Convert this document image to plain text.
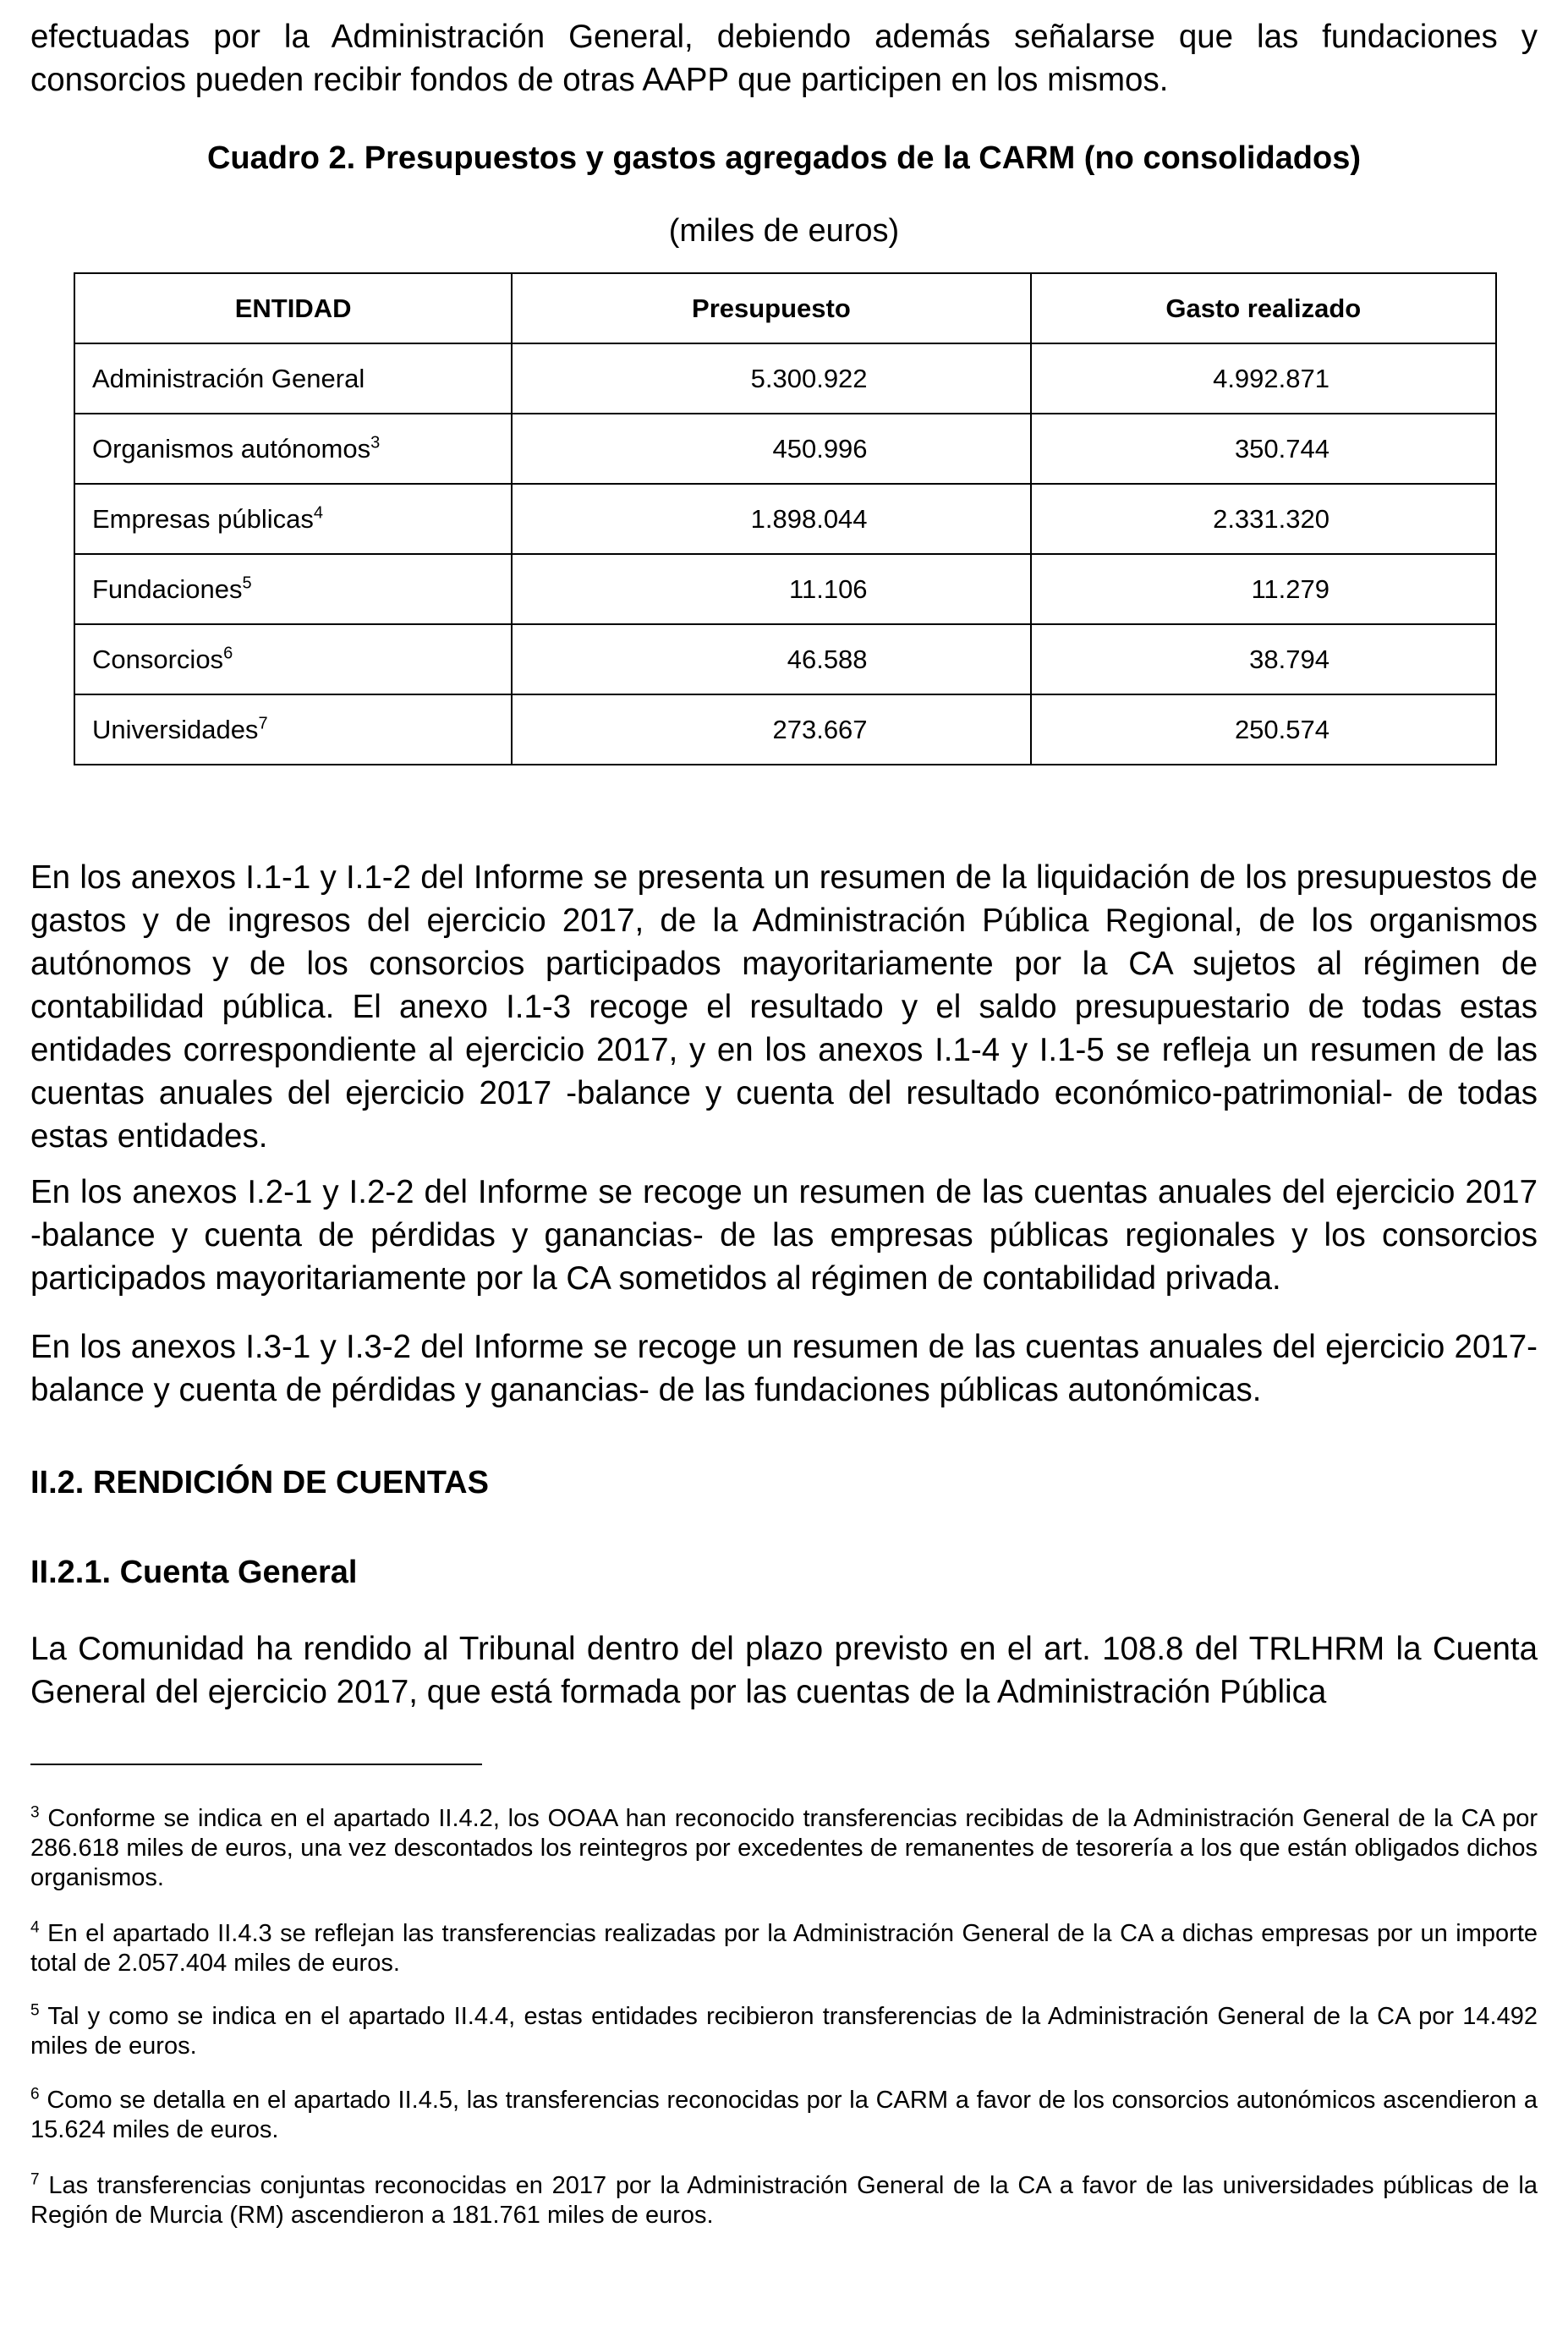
efectuadas por la Administración General, debiendo además señalarse que las fundaciones y consorcios pueden recibir fondos de otras AAPP que participen en los mismos.

Cuadro 2. Presupuestos y gastos agregados de la CARM (no consolidados)

(miles de euros)

ENTIDAD	Presupuesto	Gasto realizado
Administración General	5.300.922	4.992.871
Organismos autónomos$^3$	450.996	350.744
Empresas públicas$^4$	1.898.044	2.331.320
Fundaciones$^5$	11.106	11.279
Consorcios$^6$	46.588	38.794
Universidades$^7$	273.667	250.574

En los anexos I.1-1 y I.1-2 del Informe se presenta un resumen de la liquidación de los presupuestos de gastos y de ingresos del ejercicio 2017, de la Administración Pública Regional, de los organismos autónomos y de los consorcios participados mayoritariamente por la CA sujetos al régimen de contabilidad pública. El anexo I.1-3 recoge el resultado y el saldo presupuestario de todas estas entidades correspondiente al ejercicio 2017, y en los anexos I.1-4 y I.1-5 se refleja un resumen de las cuentas anuales del ejercicio 2017 -balance y cuenta del resultado económico-patrimonial- de todas estas entidades.

En los anexos I.2-1 y I.2-2 del Informe se recoge un resumen de las cuentas anuales del ejercicio 2017 -balance y cuenta de pérdidas y ganancias- de las empresas públicas regionales y los consorcios participados mayoritariamente por la CA sometidos al régimen de contabilidad privada.

En los anexos I.3-1 y I.3-2 del Informe se recoge un resumen de las cuentas anuales del ejercicio 2017-balance y cuenta de pérdidas y ganancias- de las fundaciones públicas autonómicas.

II.2. RENDICIÓN DE CUENTAS

II.2.1. Cuenta General

La Comunidad ha rendido al Tribunal dentro del plazo previsto en el art. 108.8 del TRLHRM la Cuenta General del ejercicio 2017, que está formada por las cuentas de la Administración Pública

$^3$ Conforme se indica en el apartado II.4.2, los OOAA han reconocido transferencias recibidas de la Administración General de la CA por 286.618 miles de euros, una vez descontados los reintegros por excedentes de remanentes de tesorería a los que están obligados dichos organismos.

$^4$ En el apartado II.4.3 se reflejan las transferencias realizadas por la Administración General de la CA a dichas empresas por un importe total de 2.057.404 miles de euros.

$^5$ Tal y como se indica en el apartado II.4.4, estas entidades recibieron transferencias de la Administración General de la CA por 14.492 miles de euros.

$^6$ Como se detalla en el apartado II.4.5, las transferencias reconocidas por la CARM a favor de los consorcios autonómicos ascendieron a 15.624 miles de euros.

$^7$ Las transferencias conjuntas reconocidas en 2017 por la Administración General de la CA a favor de las universidades públicas de la Región de Murcia (RM) ascendieron a 181.761 miles de euros.
